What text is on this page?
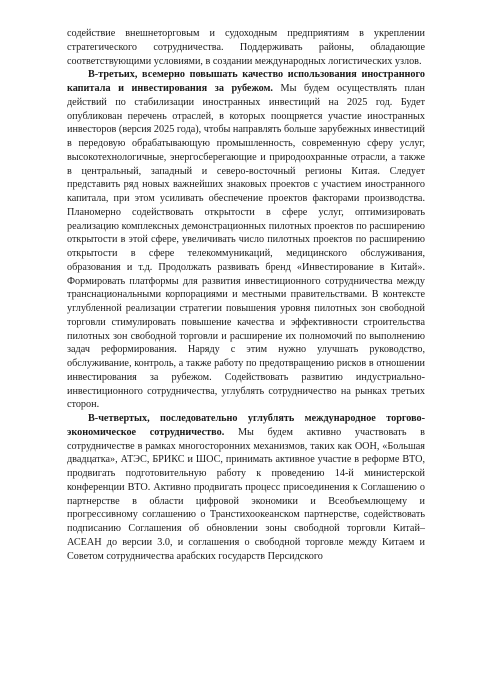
содействие внешнеторговым и судоходным предприятиям в укреплении стратегического сотрудничества. Поддерживать районы, обладающие соответствующими условиями, в создании международных логистических узлов.

В-третьих, всемерно повышать качество использования иностранного капитала и инвестирования за рубежом. Мы будем осуществлять план действий по стабилизации иностранных инвестиций на 2025 год. Будет опубликован перечень отраслей, в которых поощряется участие иностранных инвесторов (версия 2025 года), чтобы направлять больше зарубежных инвестиций в передовую обрабатывающую промышленность, современную сферу услуг, высокотехнологичные, энергосберегающие и природоохранные отрасли, а также в центральный, западный и северо-восточный регионы Китая. Следует представить ряд новых важнейших знаковых проектов с участием иностранного капитала, при этом усиливать обеспечение проектов факторами производства. Планомерно содействовать открытости в сфере услуг, оптимизировать реализацию комплексных демонстрационных пилотных проектов по расширению открытости в этой сфере, увеличивать число пилотных проектов по расширению открытости в сфере телекоммуникаций, медицинского обслуживания, образования и т.д. Продолжать развивать бренд «Инвестирование в Китай». Формировать платформы для развития инвестиционного сотрудничества между транснациональными корпорациями и местными правительствами. В контексте углубленной реализации стратегии повышения уровня пилотных зон свободной торговли стимулировать повышение качества и эффективности строительства пилотных зон свободной торговли и расширение их полномочий по выполнению задач реформирования. Наряду с этим нужно улучшать руководство, обслуживание, контроль, а также работу по предотвращению рисков в отношении инвестирования за рубежом. Содействовать развитию индустриально-инвестиционного сотрудничества, углублять сотрудничество на рынках третьих сторон.

В-четвертых, последовательно углублять международное торгово-экономическое сотрудничество. Мы будем активно участвовать в сотрудничестве в рамках многосторонних механизмов, таких как ООН, «Большая двадцатка», АТЭС, БРИКС и ШОС, принимать активное участие в реформе ВТО, продвигать подготовительную работу к проведению 14-й министерской конференции ВТО. Активно продвигать процесс присоединения к Соглашению о партнерстве в области цифровой экономики и Всеобъемлющему и прогрессивному соглашению о Транстихоокеанском партнерстве, содействовать подписанию Соглашения об обновлении зоны свободной торговли Китай–АСЕАН до версии 3.0, и соглашения о свободной торговле между Китаем и Советом сотрудничества арабских государств Персидского
